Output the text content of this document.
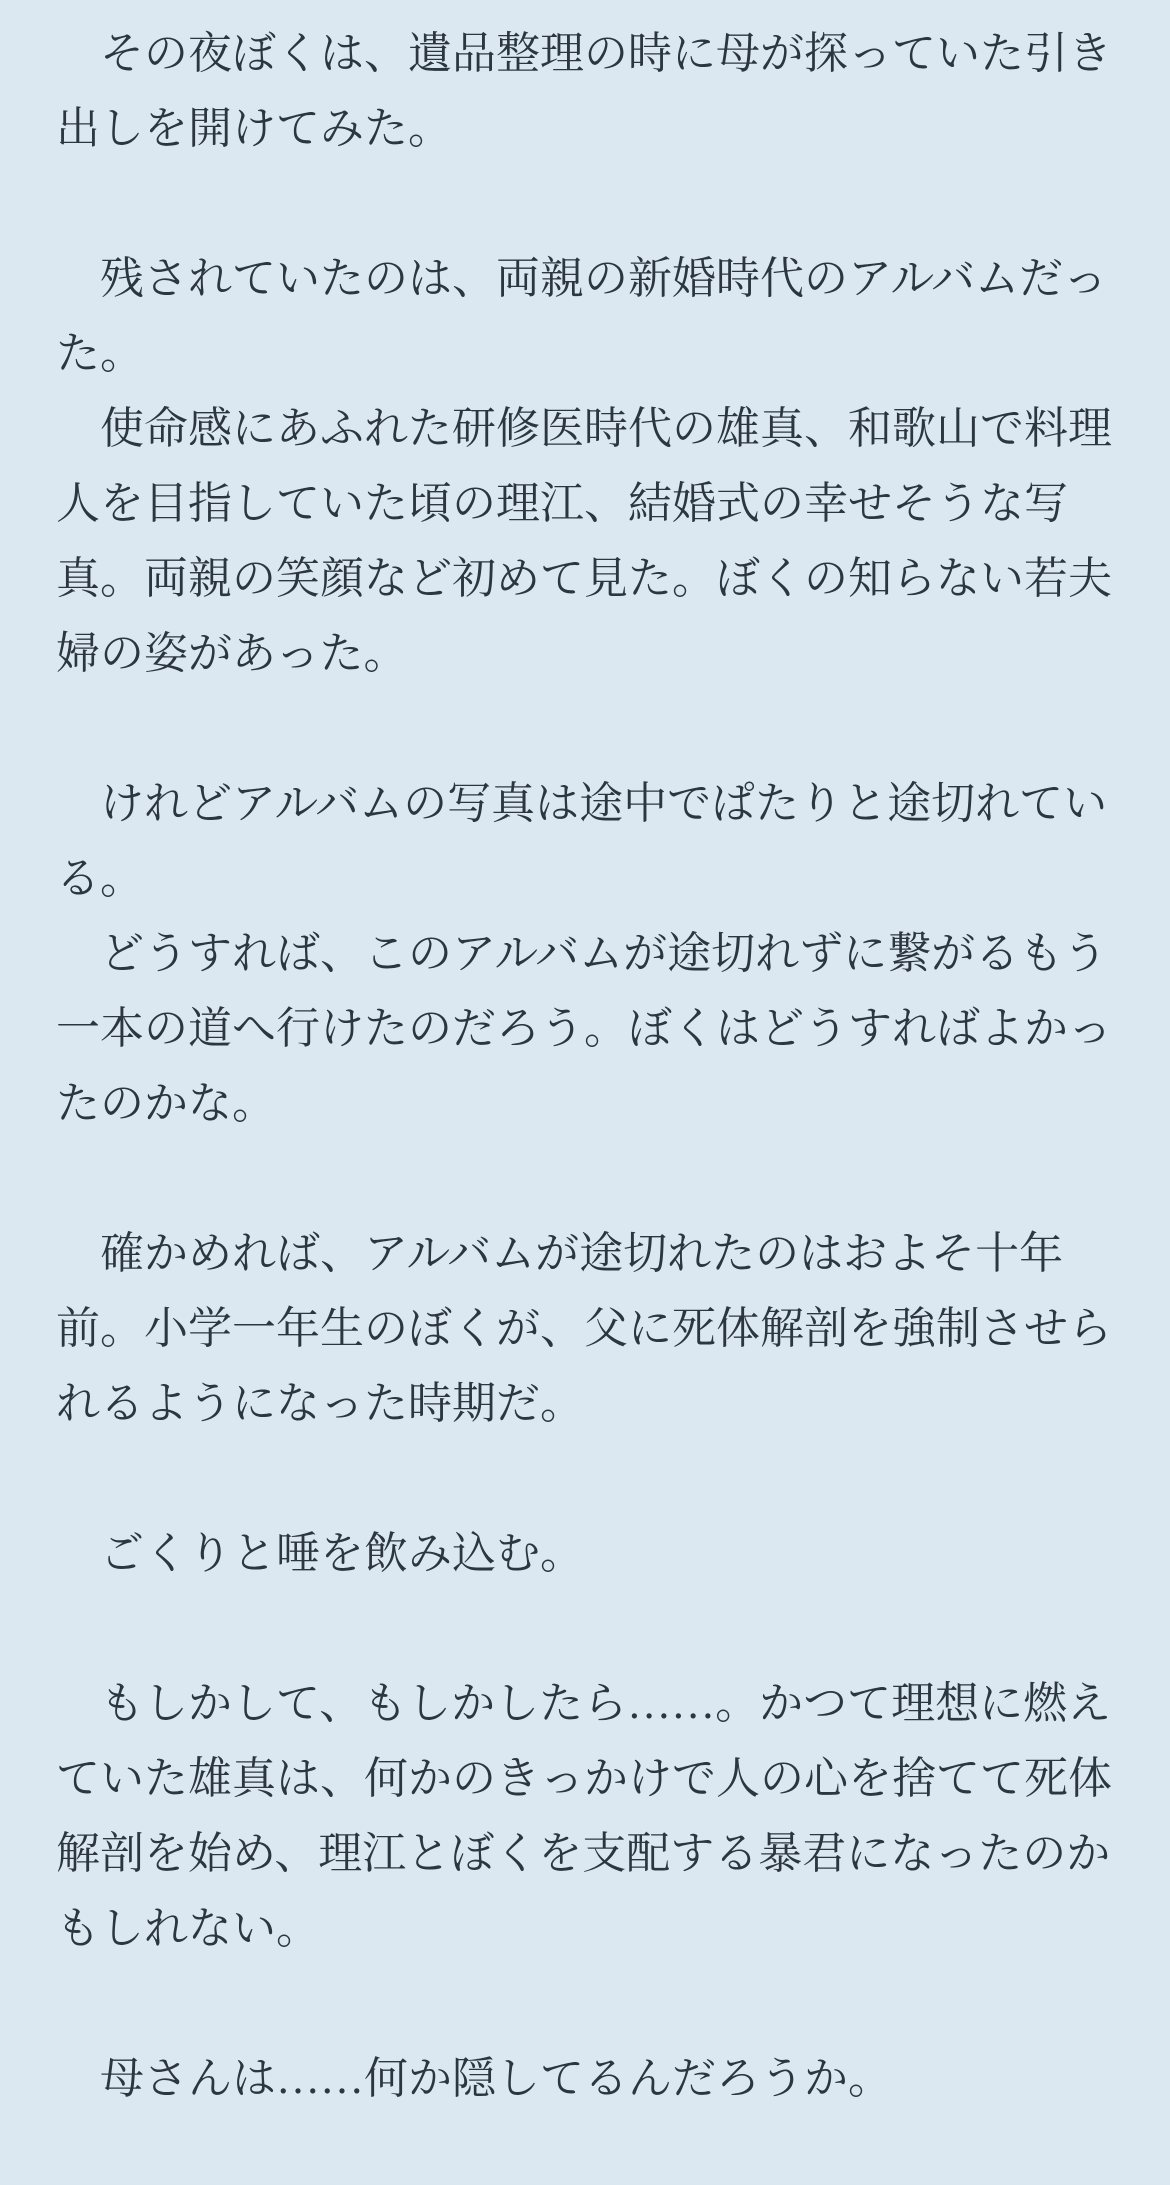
その夜ぼくは、遺品整理の時に母が探っていた引き
出しを開けてみた。
残されていたのは、両親の新婚時代のアルバムだっ
た。
使命感にあふれた研修医時代の雄真、和歌山で料理
人を目指していた頃の理江、結婚式の幸せそうな写
真。両親の笑顔など初めて見た。ぼくの知らない若夫
婦の姿があった。
けれどアルバムの写真は途中でぱたりと途切れてい
る。
どうすれば、このアルバムが途切れずに繋がるもう
一本の道へ行けたのだろう。ぼくはどうすればよかっ
たのかな。
確かめれば、アルバムが途切れたのはおよそ十年
前。小学一年生のぼくが、父に死体解剖を強制させら
れるようになった時期だ。
ごくりと唾を飲み込む。
もしかして、もしかしたら……。かつて理想に燃え
ていた雄真は、何かのきっかけで人の心を捨てて死体
解剖を始め、理江とぼくを支配する暴君になったのか
もしれない。
母さんは……何か隠してるんだろうか。
